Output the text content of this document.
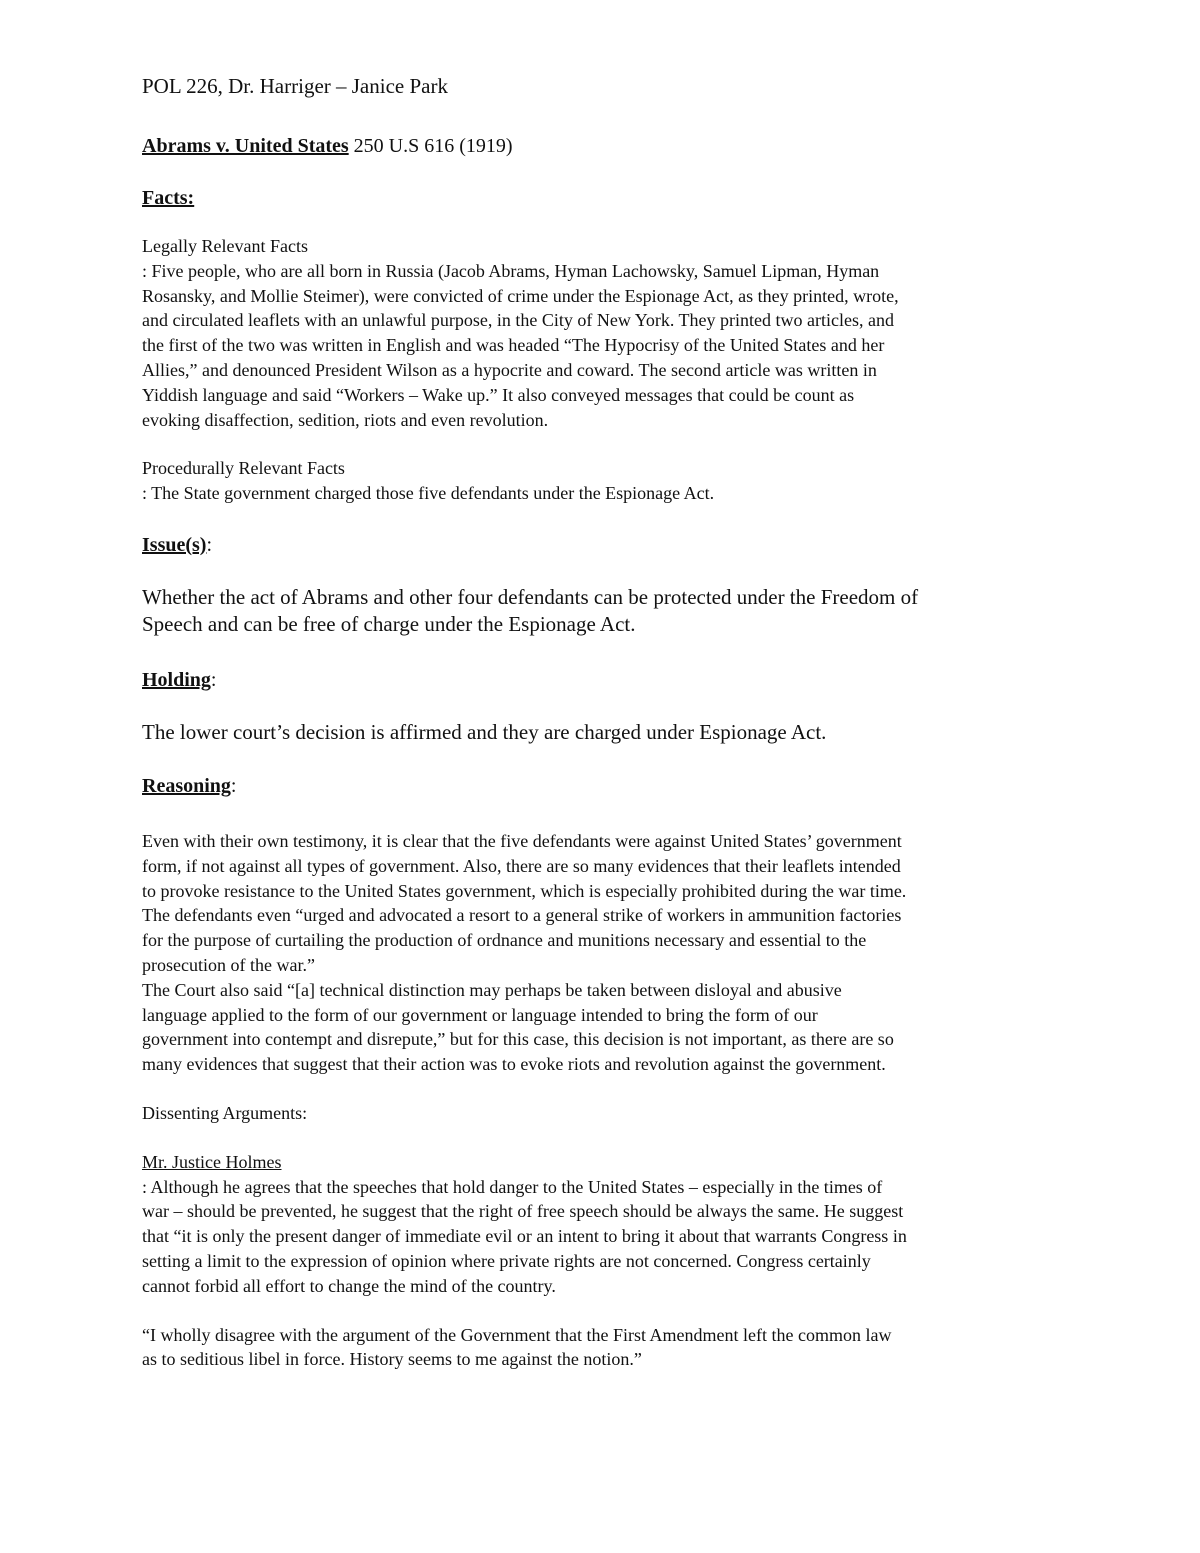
POL 226, Dr. Harriger – Janice Park

Abrams v. United States 250 U.S 616 (1919)

Facts:

Legally Relevant Facts

: Five people, who are all born in Russia (Jacob Abrams, Hyman Lachowsky, Samuel Lipman, Hyman

Rosansky, and Mollie Steimer), were convicted of crime under the Espionage Act, as they printed, wrote,

and circulated leaflets with an unlawful purpose, in the City of New York. They printed two articles, and

the first of the two was written in English and was headed “The Hypocrisy of the United States and her

Allies,” and denounced President Wilson as a hypocrite and coward. The second article was written in

Yiddish language and said “Workers – Wake up.” It also conveyed messages that could be count as

evoking disaffection, sedition, riots and even revolution.

Procedurally Relevant Facts

: The State government charged those five defendants under the Espionage Act.

Issue(s):

Whether the act of Abrams and other four defendants can be protected under the Freedom of

Speech and can be free of charge under the Espionage Act.

Holding:

The lower court’s decision is affirmed and they are charged under Espionage Act.

Reasoning:

Even with their own testimony, it is clear that the five defendants were against United States’ government

form, if not against all types of government. Also, there are so many evidences that their leaflets intended

to provoke resistance to the United States government, which is especially prohibited during the war time.

The defendants even “urged and advocated a resort to a general strike of workers in ammunition factories

for the purpose of curtailing the production of ordnance and munitions necessary and essential to the

prosecution of the war.”

The Court also said “[a] technical distinction may perhaps be taken between disloyal and abusive

language applied to the form of our government or language intended to bring the form of our

government into contempt and disrepute,” but for this case, this decision is not important, as there are so

many evidences that suggest that their action was to evoke riots and revolution against the government.

Dissenting Arguments:

Mr. Justice Holmes

: Although he agrees that the speeches that hold danger to the United States – especially in the times of

war – should be prevented, he suggest that the right of free speech should be always the same. He suggest

that “it is only the present danger of immediate evil or an intent to bring it about that warrants Congress in

setting a limit to the expression of opinion where private rights are not concerned. Congress certainly

cannot forbid all effort to change the mind of the country.

“I wholly disagree with the argument of the Government that the First Amendment left the common law

as to seditious libel in force. History seems to me against the notion.”
